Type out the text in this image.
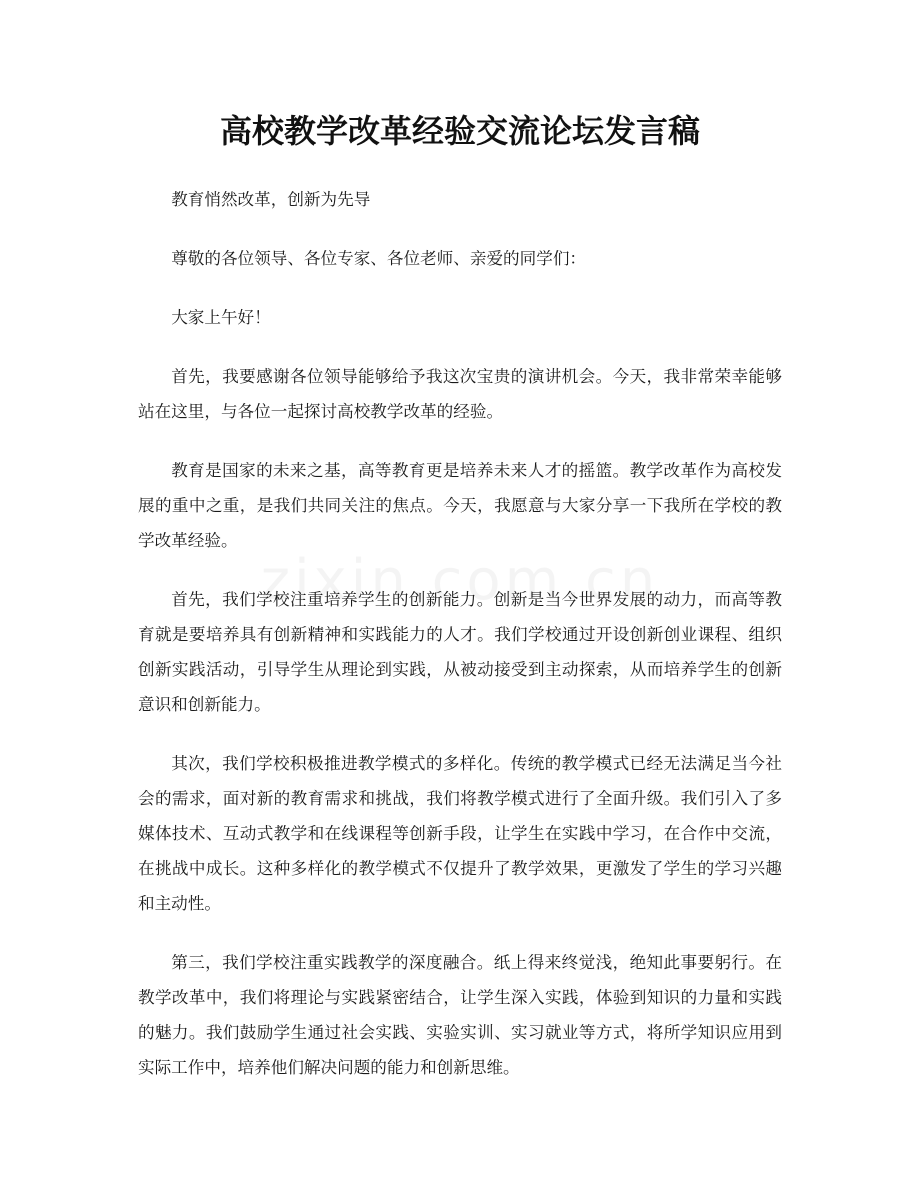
高校教学改革经验交流论坛发言稿

教育悄然改革，创新为先导

尊敬的各位领导、各位专家、各位老师、亲爱的同学们：

大家上午好！

首先，我要感谢各位领导能够给予我这次宝贵的演讲机会。今天，我非常荣幸能够站在这里，与各位一起探讨高校教学改革的经验。

教育是国家的未来之基，高等教育更是培养未来人才的摇篮。教学改革作为高校发展的重中之重，是我们共同关注的焦点。今天，我愿意与大家分享一下我所在学校的教学改革经验。

首先，我们学校注重培养学生的创新能力。创新是当今世界发展的动力，而高等教育就是要培养具有创新精神和实践能力的人才。我们学校通过开设创新创业课程、组织创新实践活动，引导学生从理论到实践，从被动接受到主动探索，从而培养学生的创新意识和创新能力。

其次，我们学校积极推进教学模式的多样化。传统的教学模式已经无法满足当今社会的需求，面对新的教育需求和挑战，我们将教学模式进行了全面升级。我们引入了多媒体技术、互动式教学和在线课程等创新手段，让学生在实践中学习，在合作中交流，在挑战中成长。这种多样化的教学模式不仅提升了教学效果，更激发了学生的学习兴趣和主动性。

第三，我们学校注重实践教学的深度融合。纸上得来终觉浅，绝知此事要躬行。在教学改革中，我们将理论与实践紧密结合，让学生深入实践，体验到知识的力量和实践的魅力。我们鼓励学生通过社会实践、实验实训、实习就业等方式，将所学知识应用到实际工作中，培养他们解决问题的能力和创新思维。
